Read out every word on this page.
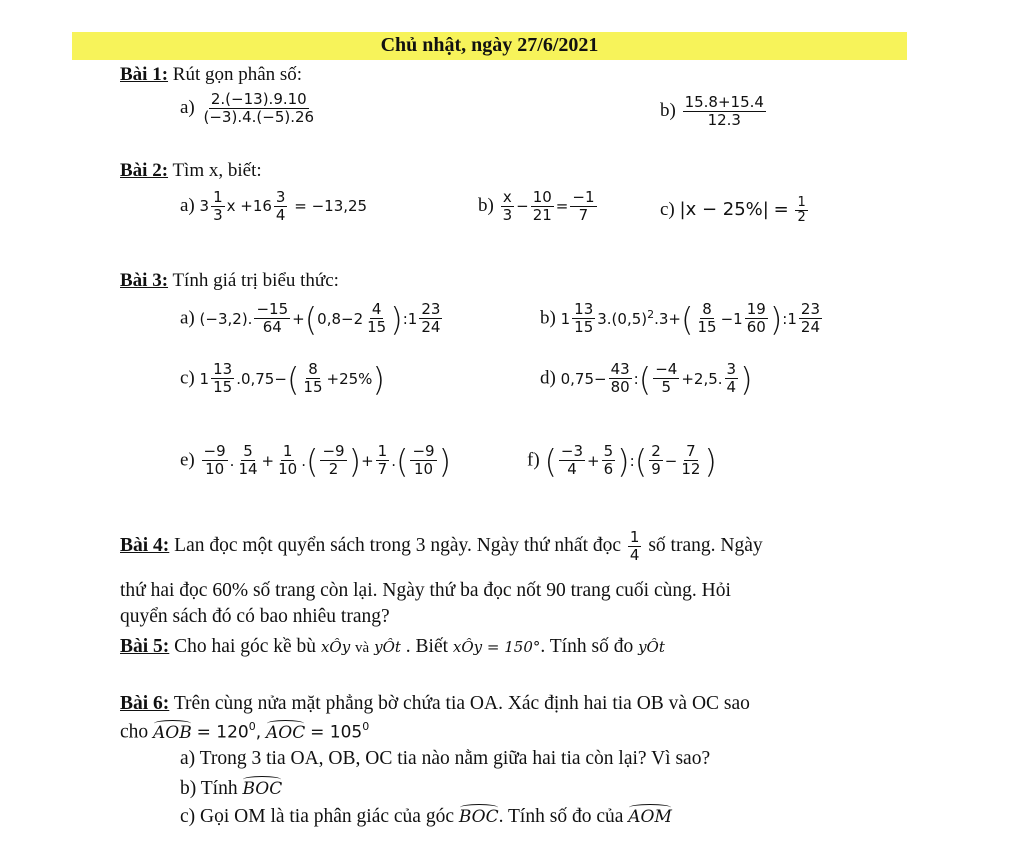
Chủ nhật, ngày 27/6/2021
Bài 1: Rút gọn phân số:
$a) \frac{2.(-13).9.10}{(-3).4.(-5).26}$	$b) \frac{15.8+15.4}{12.3}$
Bài 2: Tìm x, biết:
a) $3 \frac{1}{3}$ $x +16 \frac{3}{4} = -13,25$	$b) \frac{x}{3} - \frac{10}{21} = \frac{-1}{7}$	c) $|x - 25\%| = \frac{1}{2}$
Bài 3: Tính giá trị biểu thức:
a) (−3,2). $\frac{-15}{64} +(0,8-2 \frac{4}{15}$ ):1 $\frac{23}{24}$	b) $1 \frac{13}{15} 3.(0,5)^2.3+( \frac{8}{15} -1 \frac{19}{60}$ ):1 $\frac{23}{24}$
c) $1 \frac{13}{15} .0,75-( \frac{8}{15} +25\%)$	d) $0,75- \frac{43}{80}$ :( $\frac{-4}{5} +2,5$. $\frac{3}{4}$ )
$e) \frac{-9}{10}$ . $\frac{5}{14} + \frac{1}{10}$ .( $\frac{-9}{2}$ )+ $\frac{1}{7}$ .( $\frac{-9}{10}$ )	f) ( $\frac{-3}{4} + \frac{5}{6}$ ):( $\frac{2}{9} - \frac{7}{12}$ )
Bài 4: Lan đọc một quyển sách trong 3 ngày. Ngày thứ nhất đọc $\frac{1}{4}$ số trang. Ngày
thứ hai đọc 60% số trang còn lại. Ngày thứ ba đọc nốt 90 trang cuối cùng. Hỏi
quyển sách đó có bao nhiêu trang?
Bài 5: Cho hai góc kề bù xÔy và yÔt . Biết xÔy = 150°. Tính số đo yÔt
Bài 6: Trên cùng nửa mặt phẳng bờ chứa tia OA. Xác định hai tia OB và OC sao
cho AOB = $120^0$, AOC = $105^0$
a) Trong 3 tia OA, OB, OC tia nào nằm giữa hai tia còn lại? Vì sao?
b) Tính BOC
c) Gọi OM là tia phân giác của góc BOC. Tính số đo của AOM
